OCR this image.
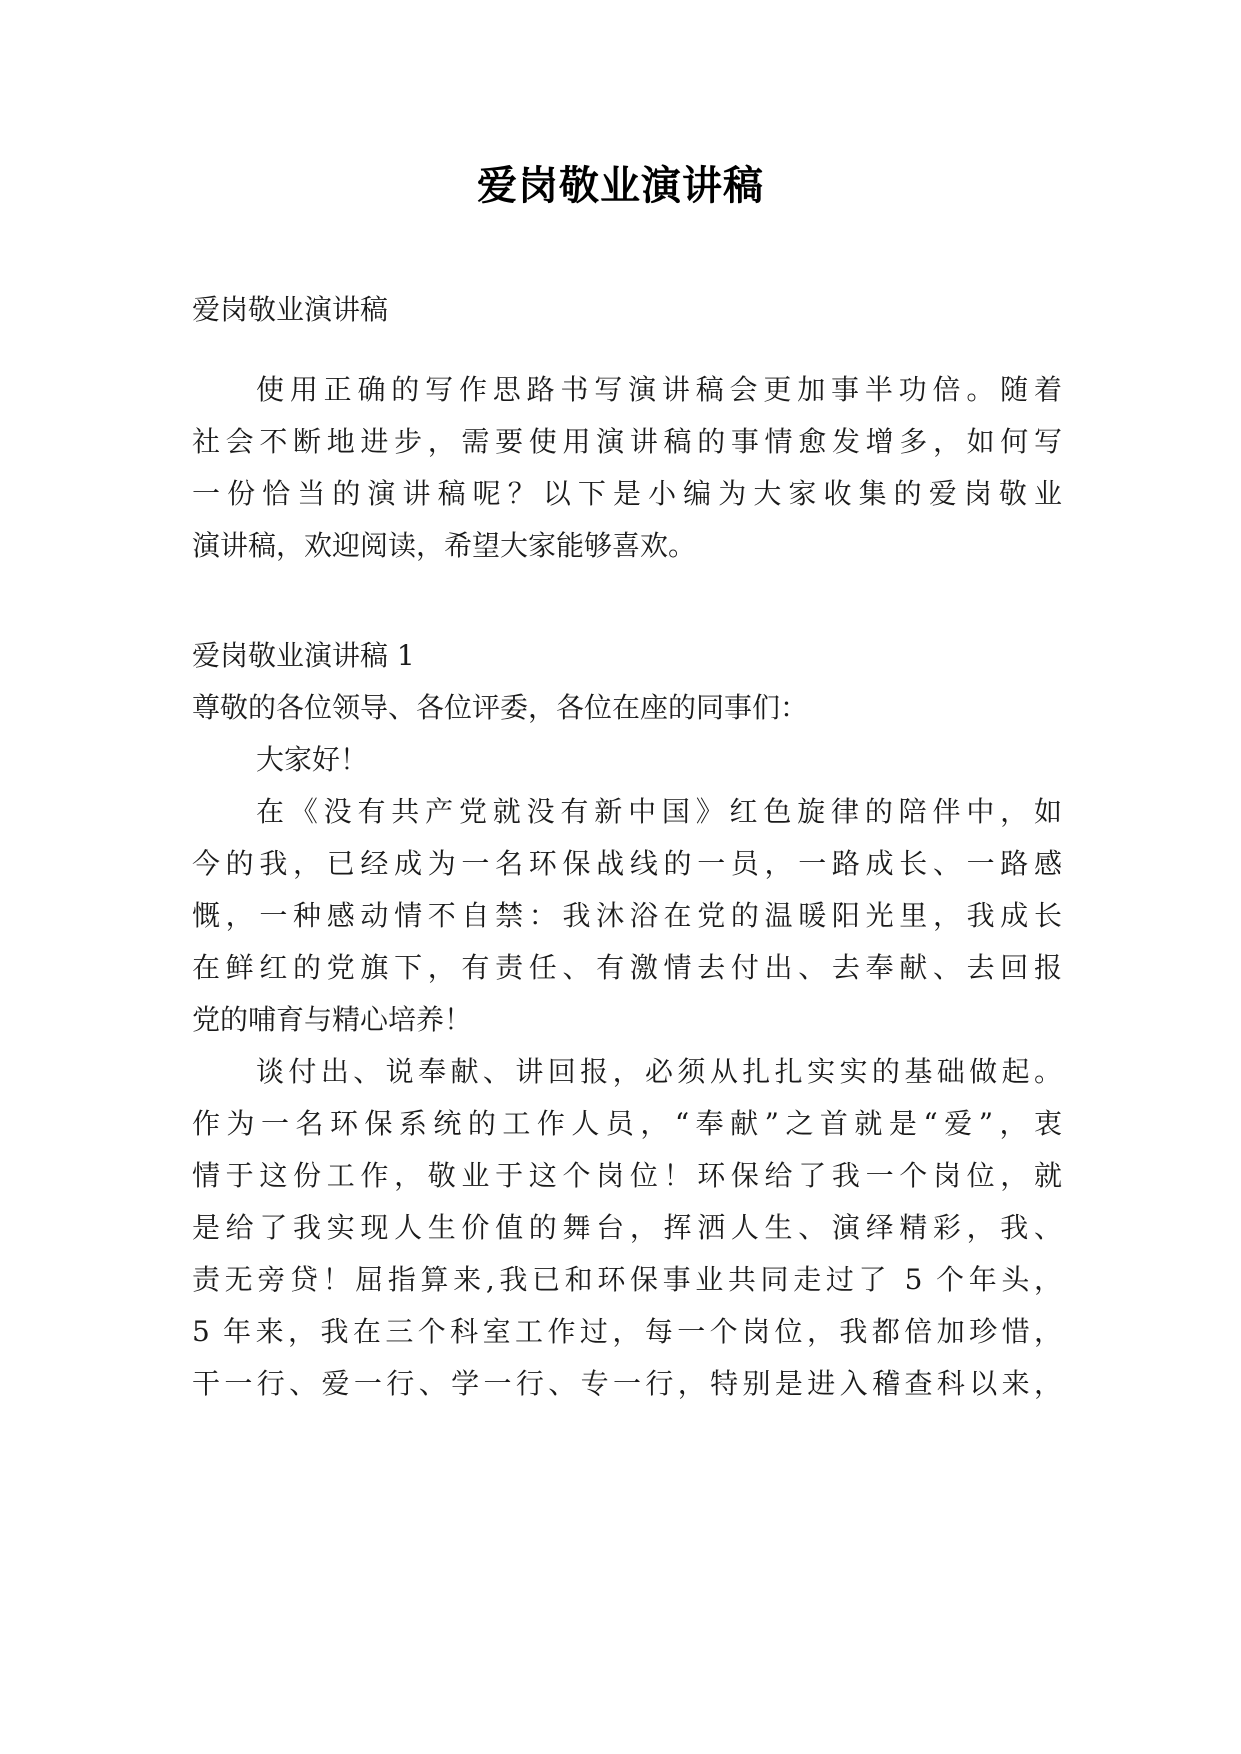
爱岗敬业演讲稿
爱岗敬业演讲稿
使用正确的写作思路书写演讲稿会更加事半功倍。随着
社会不断地进步，需要使用演讲稿的事情愈发增多，如何写
一份恰当的演讲稿呢？以下是小编为大家收集的爱岗敬业
演讲稿，欢迎阅读，希望大家能够喜欢。
爱岗敬业演讲稿 1
尊敬的各位领导、各位评委，各位在座的同事们：
大家好！
在《没有共产党就没有新中国》红色旋律的陪伴中，如
今的我，已经成为一名环保战线的一员，一路成长、一路感
慨，一种感动情不自禁：我沐浴在党的温暖阳光里，我成长
在鲜红的党旗下，有责任、有激情去付出、去奉献、去回报
党的哺育与精心培养！
谈付出、说奉献、讲回报，必须从扎扎实实的基础做起。
作为一名环保系统的工作人员，“奉献”之首就是“爱”，衷
情于这份工作，敬业于这个岗位！环保给了我一个岗位，就
是给了我实现人生价值的舞台，挥洒人生、演绎精彩，我、
责无旁贷！屈指算来,我已和环保事业共同走过了 5 个年头，
5 年来，我在三个科室工作过，每一个岗位，我都倍加珍惜，
干一行、爱一行、学一行、专一行，特别是进入稽查科以来，
